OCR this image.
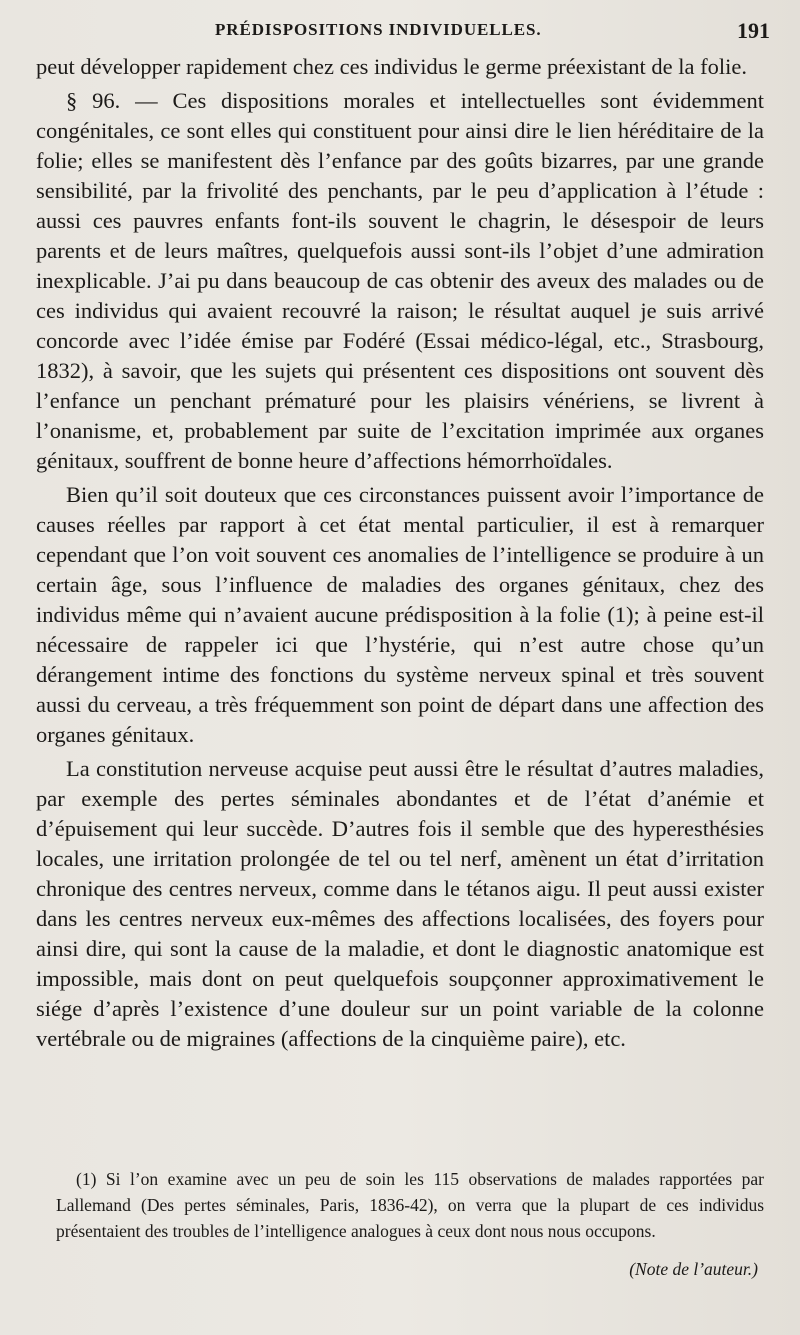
PRÉDISPOSITIONS INDIVIDUELLES.	191

peut développer rapidement chez ces individus le germe préexistant de la folie.

§ 96. — Ces dispositions morales et intellectuelles sont évidemment congénitales, ce sont elles qui constituent pour ainsi dire le lien héréditaire de la folie; elles se manifestent dès l’enfance par des goûts bizarres, par une grande sensibilité, par la frivolité des penchants, par le peu d’application à l’étude : aussi ces pauvres enfants font-ils souvent le chagrin, le désespoir de leurs parents et de leurs maîtres, quelquefois aussi sont-ils l’objet d’une admiration inexplicable. J’ai pu dans beaucoup de cas obtenir des aveux des malades ou de ces individus qui avaient recouvré la raison; le résultat auquel je suis arrivé concorde avec l’idée émise par Fodéré (Essai médico-légal, etc., Strasbourg, 1832), à savoir, que les sujets qui présentent ces dispositions ont souvent dès l’enfance un penchant prématuré pour les plaisirs vénériens, se livrent à l’onanisme, et, probablement par suite de l’excitation imprimée aux organes génitaux, souffrent de bonne heure d’affections hémorrhoïdales.

Bien qu’il soit douteux que ces circonstances puissent avoir l’importance de causes réelles par rapport à cet état mental particulier, il est à remarquer cependant que l’on voit souvent ces anomalies de l’intelligence se produire à un certain âge, sous l’influence de maladies des organes génitaux, chez des individus même qui n’avaient aucune prédisposition à la folie (1); à peine est-il nécessaire de rappeler ici que l’hystérie, qui n’est autre chose qu’un dérangement intime des fonctions du système nerveux spinal et très souvent aussi du cerveau, a très fréquemment son point de départ dans une affection des organes génitaux.

La constitution nerveuse acquise peut aussi être le résultat d’autres maladies, par exemple des pertes séminales abondantes et de l’état d’anémie et d’épuisement qui leur succède. D’autres fois il semble que des hyperesthésies locales, une irritation prolongée de tel ou tel nerf, amènent un état d’irritation chronique des centres nerveux, comme dans le tétanos aigu. Il peut aussi exister dans les centres nerveux eux-mêmes des affections localisées, des foyers pour ainsi dire, qui sont la cause de la maladie, et dont le diagnostic anatomique est impossible, mais dont on peut quelquefois soupçonner approximativement le siége d’après l’existence d’une douleur sur un point variable de la colonne vertébrale ou de migraines (affections de la cinquième paire), etc.

(1) Si l’on examine avec un peu de soin les 115 observations de malades rapportées par Lallemand (Des pertes séminales, Paris, 1836-42), on verra que la plupart de ces individus présentaient des troubles de l’intelligence analogues à ceux dont nous nous occupons.

(Note de l’auteur.)
